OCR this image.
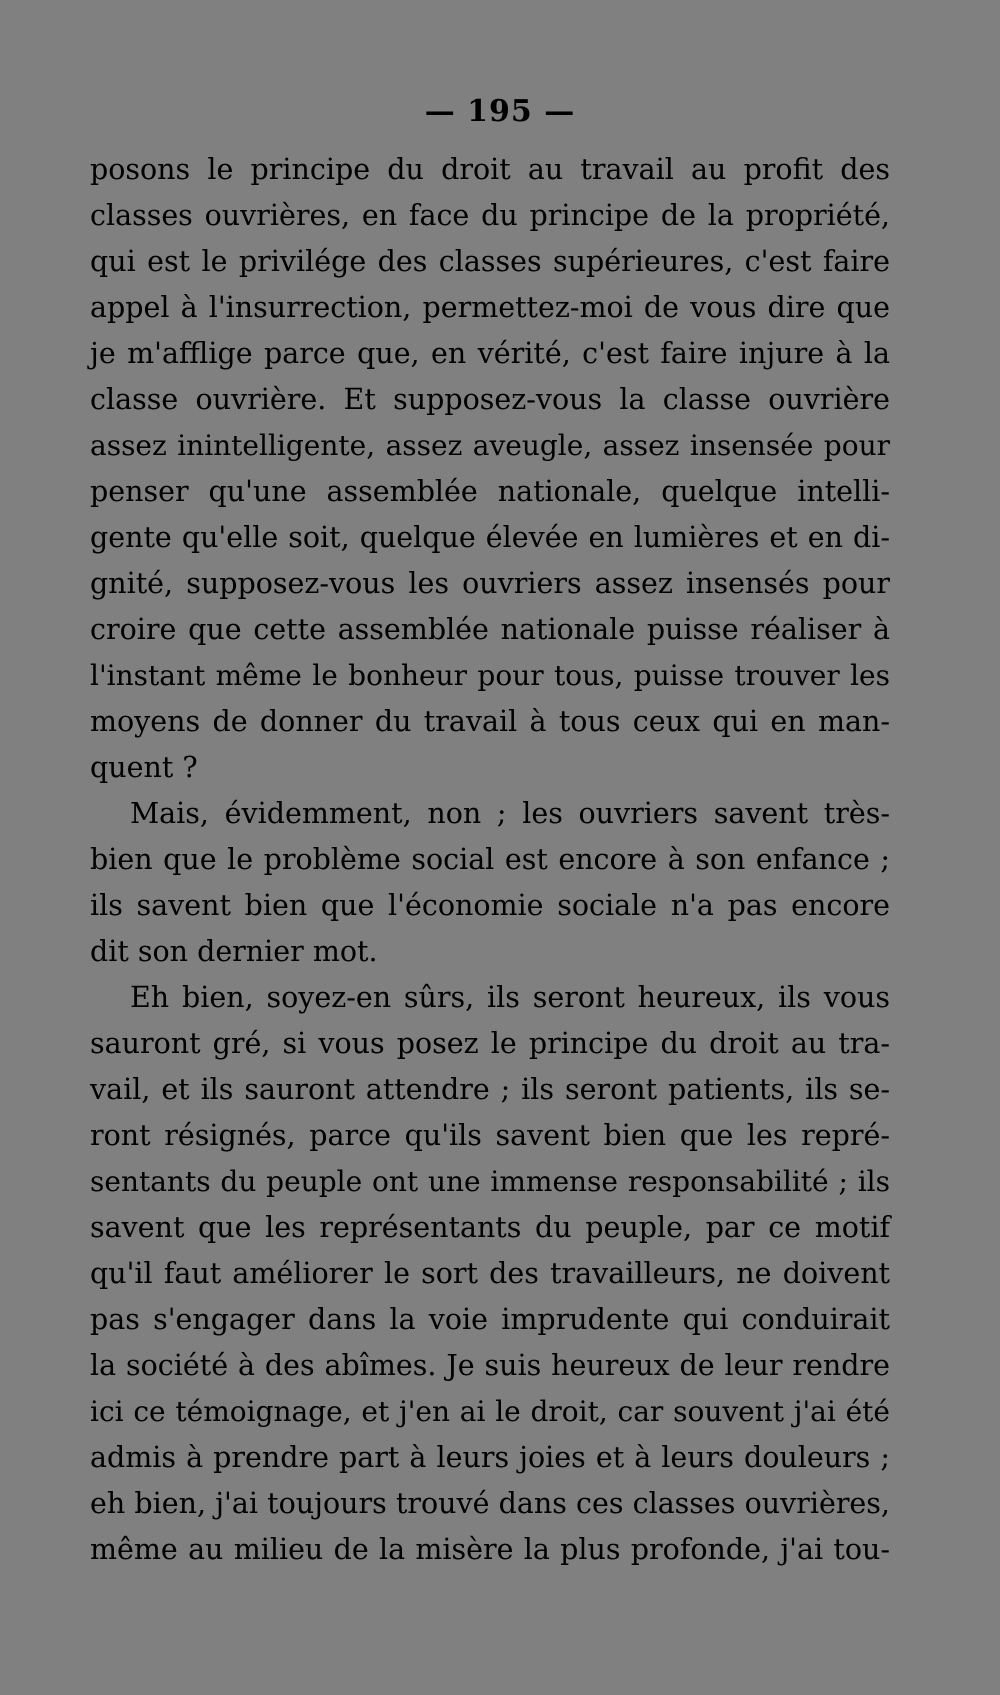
— 195 —
posons le principe du droit au travail au profit des
classes ouvrières, en face du principe de la propriété,
qui est le privilége des classes supérieures, c'est faire
appel à l'insurrection, permettez-moi de vous dire que
je m'afflige parce que, en vérité, c'est faire injure à la
classe ouvrière. Et supposez-vous la classe ouvrière
assez inintelligente, assez aveugle, assez insensée pour
penser qu'une assemblée nationale, quelque intelli-
gente qu'elle soit, quelque élevée en lumières et en di-
gnité, supposez-vous les ouvriers assez insensés pour
croire que cette assemblée nationale puisse réaliser à
l'instant même le bonheur pour tous, puisse trouver les
moyens de donner du travail à tous ceux qui en man-
quent ?
Mais, évidemment, non ; les ouvriers savent très-
bien que le problème social est encore à son enfance ;
ils savent bien que l'économie sociale n'a pas encore
dit son dernier mot.
Eh bien, soyez-en sûrs, ils seront heureux, ils vous
sauront gré, si vous posez le principe du droit au tra-
vail, et ils sauront attendre ; ils seront patients, ils se-
ront résignés, parce qu'ils savent bien que les repré-
sentants du peuple ont une immense responsabilité ; ils
savent que les représentants du peuple, par ce motif
qu'il faut améliorer le sort des travailleurs, ne doivent
pas s'engager dans la voie imprudente qui conduirait
la société à des abîmes. Je suis heureux de leur rendre
ici ce témoignage, et j'en ai le droit, car souvent j'ai été
admis à prendre part à leurs joies et à leurs douleurs ;
eh bien, j'ai toujours trouvé dans ces classes ouvrières,
même au milieu de la misère la plus profonde, j'ai tou-
